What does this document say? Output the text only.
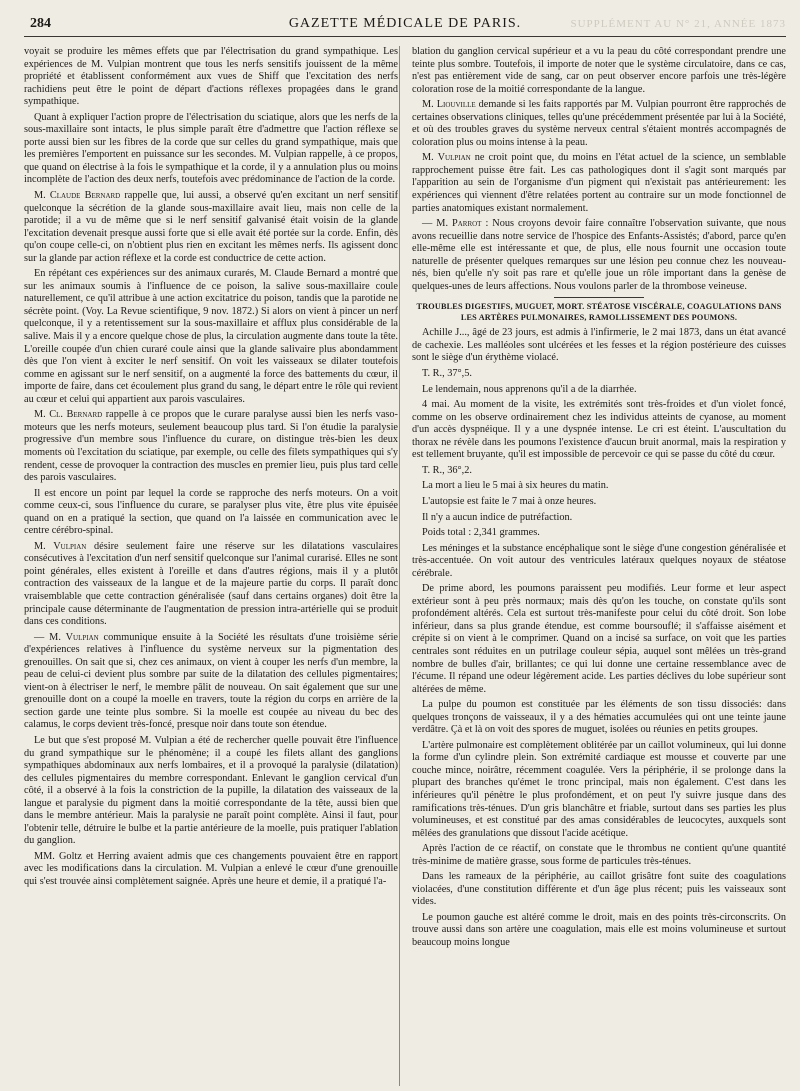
284	GAZETTE MÉDICALE DE PARIS.	SUPPLÉMENT AU N° 21, ANNÉE 1873

voyait se produire les mêmes effets que par l'électrisation du grand sympathique. Les expériences de M. Vulpian montrent que tous les nerfs sensitifs jouissent de la même propriété et établissent conformément aux vues de Shiff que l'excitation des nerfs rachidiens peut être le point de départ d'actions réflexes propagées dans le grand sympathique.

Quant à expliquer l'action propre de l'électrisation du sciatique, alors que les nerfs de la sous-maxillaire sont intacts, le plus simple paraît être d'admettre que l'action réflexe se porte aussi bien sur les fibres de la corde que sur celles du grand sympathique, mais que les premières l'emportent en puissance sur les secondes. M. Vulpian rappelle, à ce propos, que quand on électrise à la fois le sympathique et la corde, il y a annulation plus ou moins incomplète de l'action des deux nerfs, toutefois avec prédominance de l'action de la corde.

M. Claude Bernard rappelle que, lui aussi, a observé qu'en excitant un nerf sensitif quelconque la sécrétion de la glande sous-maxillaire avait lieu, mais non celle de la parotide; il a vu de même que si le nerf sensitif galvanisé était voisin de la glande l'excitation devenait presque aussi forte que si elle avait été portée sur la corde. Enfin, dès qu'on coupe celle-ci, on n'obtient plus rien en excitant les mêmes nerfs. Ils agissent donc sur la glande par action réflexe et la corde est conductrice de cette action.

En répétant ces expériences sur des animaux curarés, M. Claude Bernard a montré que sur les animaux soumis à l'influence de ce poison, la salive sous-maxillaire coule naturellement, ce qu'il attribue à une action excitatrice du poison, tandis que la parotide ne sécrète point. (Voy. La Revue scientifique, 9 nov. 1872.) Si alors on vient à pincer un nerf quelconque, il y a retentissement sur la sous-maxillaire et afflux plus considérable de la salive. Mais il y a encore quelque chose de plus, la circulation augmente dans toute la tête. L'oreille coupée d'un chien curaré coule ainsi que la glande salivaire plus abondamment dès que l'on vient à exciter le nerf sensitif. On voit les vaisseaux se dilater toutefois comme en agissant sur le nerf sensitif, on a augmenté la force des battements du cœur, il importe de faire, dans cet écoulement plus grand du sang, le départ entre le rôle qui revient au cœur et celui qui appartient aux parois vasculaires.

M. Cl. Bernard rappelle à ce propos que le curare paralyse aussi bien les nerfs vaso-moteurs que les nerfs moteurs, seulement beaucoup plus tard. Si l'on étudie la paralysie progressive d'un membre sous l'influence du curare, on distingue très-bien les deux moments où l'excitation du sciatique, par exemple, ou celle des filets sympathiques qui s'y rendent, cesse de provoquer la contraction des muscles en premier lieu, puis plus tard celle des parois vasculaires.

Il est encore un point par lequel la corde se rapproche des nerfs moteurs. On a voit comme ceux-ci, sous l'influence du curare, se paralyser plus vite, être plus vite épuisée quand on en a pratiqué la section, que quand on l'a laissée en communication avec le centre cérébro-spinal.

M. Vulpian désire seulement faire une réserve sur les dilatations vasculaires consécutives à l'excitation d'un nerf sensitif quelconque sur l'animal curarisé. Elles ne sont point générales, elles existent à l'oreille et dans d'autres régions, mais il y a plutôt contraction des vaisseaux de la langue et de la majeure partie du corps. Il paraît donc vraisemblable que cette contraction généralisée (sauf dans certains organes) doit être la principale cause déterminante de l'augmentation de pression intra-artérielle qui se produit dans ces conditions.

— M. Vulpian communique ensuite à la Société les résultats d'une troisième série d'expériences relatives à l'influence du système nerveux sur la pigmentation des grenouilles. On sait que si, chez ces animaux, on vient à couper les nerfs d'un membre, la peau de celui-ci devient plus sombre par suite de la dilatation des cellules pigmentaires; vient-on à électriser le nerf, le membre pâlit de nouveau. On sait également que sur une grenouille dont on a coupé la moelle en travers, toute la région du corps en arrière de la section garde une teinte plus sombre. Si la moelle est coupée au niveau du bec des calamus, le corps devient très-foncé, presque noir dans toute son étendue.

Le but que s'est proposé M. Vulpian a été de rechercher quelle pouvait être l'influence du grand sympathique sur le phénomène; il a coupé les filets allant des ganglions sympathiques abdominaux aux nerfs lombaires, et il a provoqué la paralysie (dilatation) des cellules pigmentaires du membre correspondant. Enlevant le ganglion cervical d'un côté, il a observé à la fois la constriction de la pupille, la dilatation des vaisseaux de la langue et paralysie du pigment dans la moitié correspondante de la tête, aussi bien que dans le membre antérieur. Mais la paralysie ne paraît point complète. Ainsi il faut, pour l'obtenir telle, détruire le bulbe et la partie antérieure de la moelle, puis pratiquer l'ablation du ganglion.

MM. Goltz et Herring avaient admis que ces changements pouvaient être en rapport avec les modifications dans la circulation. M. Vulpian a enlevé le cœur d'une grenouille qui s'est trouvée ainsi complètement saignée. Après une heure et demie, il a pratiqué l'a-

blation du ganglion cervical supérieur et a vu la peau du côté correspondant prendre une teinte plus sombre. Toutefois, il importe de noter que le système circulatoire, dans ce cas, n'est pas entièrement vide de sang, car on peut observer encore parfois une très-légère coloration rose de la moitié correspondante de la langue.

M. Liouville demande si les faits rapportés par M. Vulpian pourront être rapprochés de certaines observations cliniques, telles qu'une précédemment présentée par lui à la Société, et où des troubles graves du système nerveux central s'étaient montrés accompagnés de coloration plus ou moins intense à la peau.

M. Vulpian ne croit point que, du moins en l'état actuel de la science, un semblable rapprochement puisse être fait. Les cas pathologiques dont il s'agit sont marqués par l'apparition au sein de l'organisme d'un pigment qui n'existait pas antérieurement: les expériences qui viennent d'être relatées portent au contraire sur un mode fonctionnel de parties anatomiques existant normalement.

— M. Parrot : Nous croyons devoir faire connaître l'observation suivante, que nous avons recueillie dans notre service de l'hospice des Enfants-Assistés; d'abord, parce qu'en elle-même elle est intéressante et que, de plus, elle nous fournit une occasion toute naturelle de présenter quelques remarques sur une lésion peu connue chez les nouveau-nés, bien qu'elle n'y soit pas rare et qu'elle joue un rôle important dans la genèse de quelques-unes de leurs affections. Nous voulons parler de la thrombose veineuse.

TROUBLES DIGESTIFS, MUGUET, MORT. STÉATOSE VISCÉRALE, COAGULATIONS DANS LES ARTÈRES PULMONAIRES, RAMOLLISSEMENT DES POUMONS.

Achille J..., âgé de 23 jours, est admis à l'infirmerie, le 2 mai 1873, dans un état avancé de cachexie. Les malléoles sont ulcérées et les fesses et la région postérieure des cuisses sont le siège d'un érythème violacé.

T. R., 37°,5.

Le lendemain, nous apprenons qu'il a de la diarrhée.

4 mai. Au moment de la visite, les extrémités sont très-froides et d'un violet foncé, comme on les observe ordinairement chez les individus atteints de cyanose, au moment d'un accès dyspnéique. Il y a une dyspnée intense. Le cri est éteint. L'auscultation du thorax ne révèle dans les poumons l'existence d'aucun bruit anormal, mais la respiration y est tellement bruyante, qu'il est impossible de percevoir ce qui se passe du côté du cœur.

T. R., 36°,2.

La mort a lieu le 5 mai à six heures du matin.

L'autopsie est faite le 7 mai à onze heures.

Il n'y a aucun indice de putréfaction.

Poids total : 2,341 grammes.

Les méninges et la substance encéphalique sont le siège d'une congestion généralisée et très-accentuée. On voit autour des ventricules latéraux quelques noyaux de stéatose cérébrale.

De prime abord, les poumons paraissent peu modifiés. Leur forme et leur aspect extérieur sont à peu près normaux; mais dès qu'on les touche, on constate qu'ils sont profondément altérés. Cela est surtout très-manifeste pour celui du côté droit. Son lobe inférieur, dans sa plus grande étendue, est comme boursouflé; il s'affaisse aisément et crépite si on vient à le comprimer. Quand on a incisé sa surface, on voit que les parties centrales sont réduites en un putrilage couleur sépia, auquel sont mêlées un très-grand nombre de bulles d'air, brillantes; ce qui lui donne une certaine ressemblance avec de l'écume. Il répand une odeur légèrement acide. Les parties déclives du lobe supérieur sont altérées de même.

La pulpe du poumon est constituée par les éléments de son tissu dissociés: dans quelques tronçons de vaisseaux, il y a des hématies accumulées qui ont une teinte jaune verdâtre. Çà et là on voit des spores de muguet, isolées ou réunies en petits groupes.

L'artère pulmonaire est complètement oblitérée par un caillot volumineux, qui lui donne la forme d'un cylindre plein. Son extrémité cardiaque est mousse et couverte par une couche mince, noirâtre, récemment coagulée. Vers la périphérie, il se prolonge dans la plupart des branches qu'émet le tronc principal, mais non également. C'est dans les inférieures qu'il pénètre le plus profondément, et on peut l'y suivre jusque dans des ramifications très-ténues. D'un gris blanchâtre et friable, surtout dans ses parties les plus volumineuses, et est constitué par des amas considérables de leucocytes, auxquels sont mêlées des granulations que dissout l'acide acétique.

Après l'action de ce réactif, on constate que le thrombus ne contient qu'une quantité très-minime de matière grasse, sous forme de particules très-ténues.

Dans les rameaux de la périphérie, au caillot grisâtre font suite des coagulations violacées, d'une constitution différente et d'un âge plus récent; puis les vaisseaux sont vides.

Le poumon gauche est altéré comme le droit, mais en des points très-circonscrits. On trouve aussi dans son artère une coagulation, mais elle est moins volumineuse et surtout beaucoup moins longue
